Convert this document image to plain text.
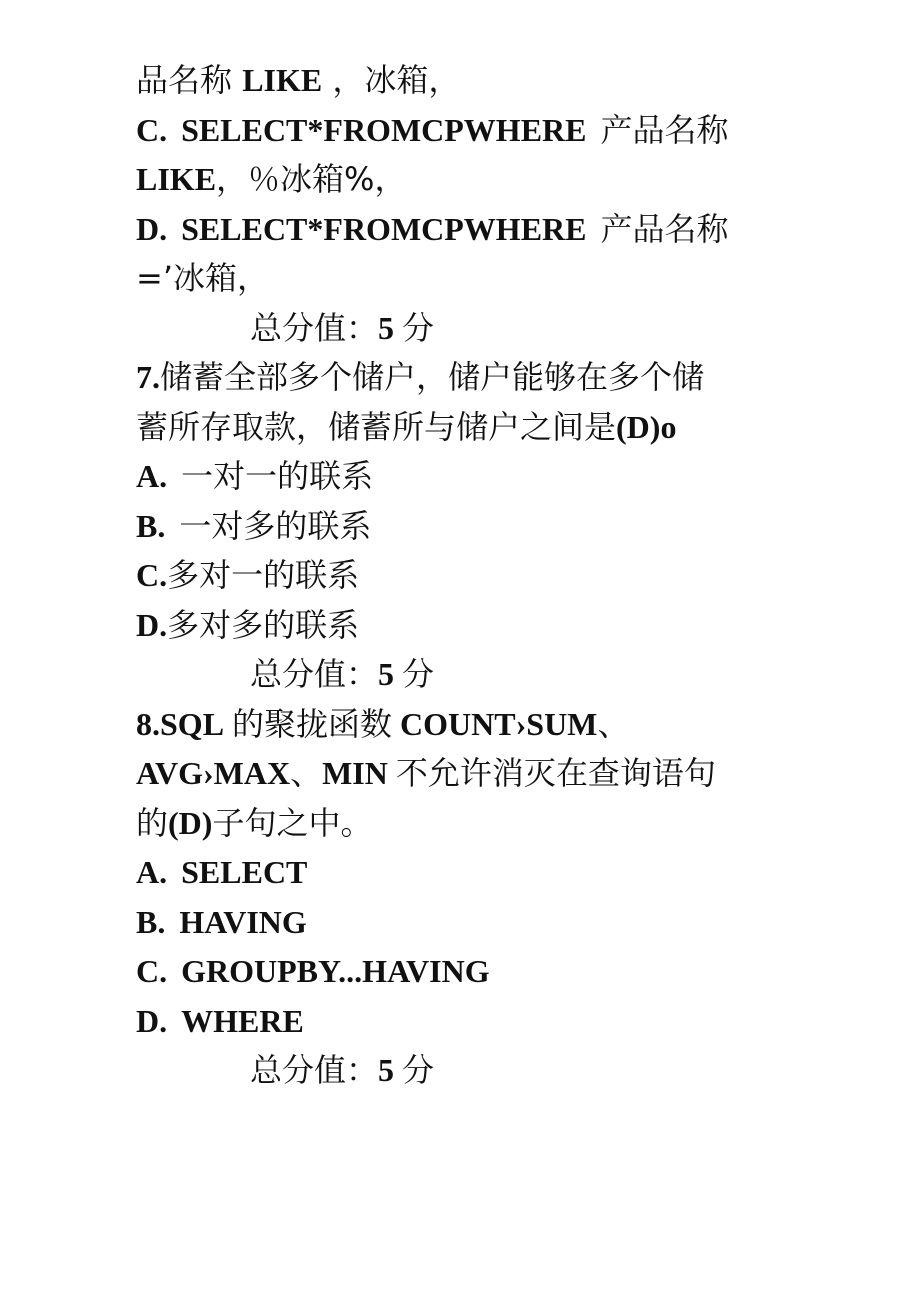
品名称 LIKE ，冰箱，
C. SELECT*FROMCPWHERE 产品名称
LIKE，％冰箱%，
D. SELECT*FROMCPWHERE 产品名称
=’冰箱，
总分值：5 分
7.储蓄全部多个储户，储户能够在多个储
蓄所存取款，储蓄所与储户之间是(D)o
A. 一对一的联系
B. 一对多的联系
C.多对一的联系
D.多对多的联系
总分值：5 分
8.SQL 的聚拢函数 COUNT›SUM、
AVG›MAX、MIN 不允许消灭在查询语句
的(D)子句之中。
A. SELECT
B. HAVING
C. GROUPBY...HAVING
D. WHERE
总分值：5 分
